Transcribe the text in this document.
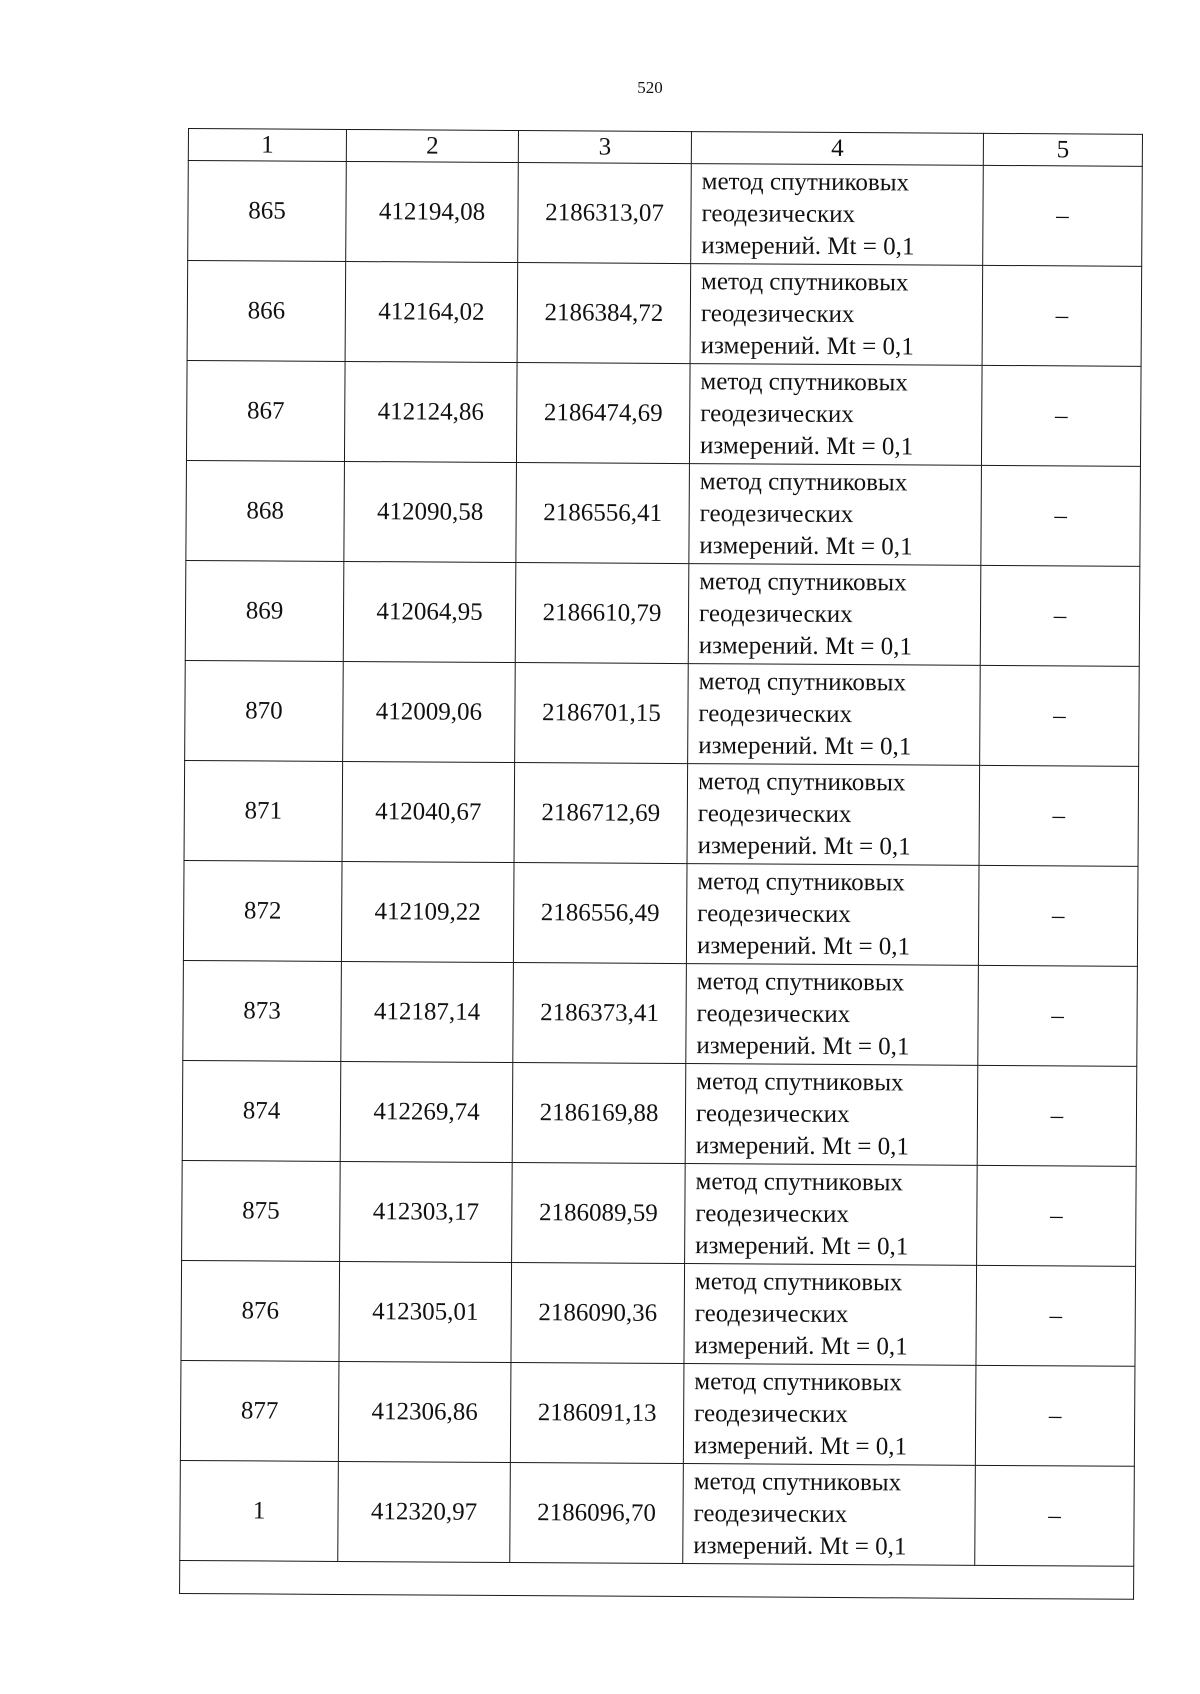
520
1	2	3	4	5
865	412194,08	2186313,07	метод спутниковых
геодезических
измерений. Mt = 0,1	–
866	412164,02	2186384,72	метод спутниковых
геодезических
измерений. Mt = 0,1	–
867	412124,86	2186474,69	метод спутниковых
геодезических
измерений. Mt = 0,1	–
868	412090,58	2186556,41	метод спутниковых
геодезических
измерений. Mt = 0,1	–
869	412064,95	2186610,79	метод спутниковых
геодезических
измерений. Mt = 0,1	–
870	412009,06	2186701,15	метод спутниковых
геодезических
измерений. Mt = 0,1	–
871	412040,67	2186712,69	метод спутниковых
геодезических
измерений. Mt = 0,1	–
872	412109,22	2186556,49	метод спутниковых
геодезических
измерений. Mt = 0,1	–
873	412187,14	2186373,41	метод спутниковых
геодезических
измерений. Mt = 0,1	–
874	412269,74	2186169,88	метод спутниковых
геодезических
измерений. Mt = 0,1	–
875	412303,17	2186089,59	метод спутниковых
геодезических
измерений. Mt = 0,1	–
876	412305,01	2186090,36	метод спутниковых
геодезических
измерений. Mt = 0,1	–
877	412306,86	2186091,13	метод спутниковых
геодезических
измерений. Mt = 0,1	–
1	412320,97	2186096,70	метод спутниковых
геодезических
измерений. Mt = 0,1	–
